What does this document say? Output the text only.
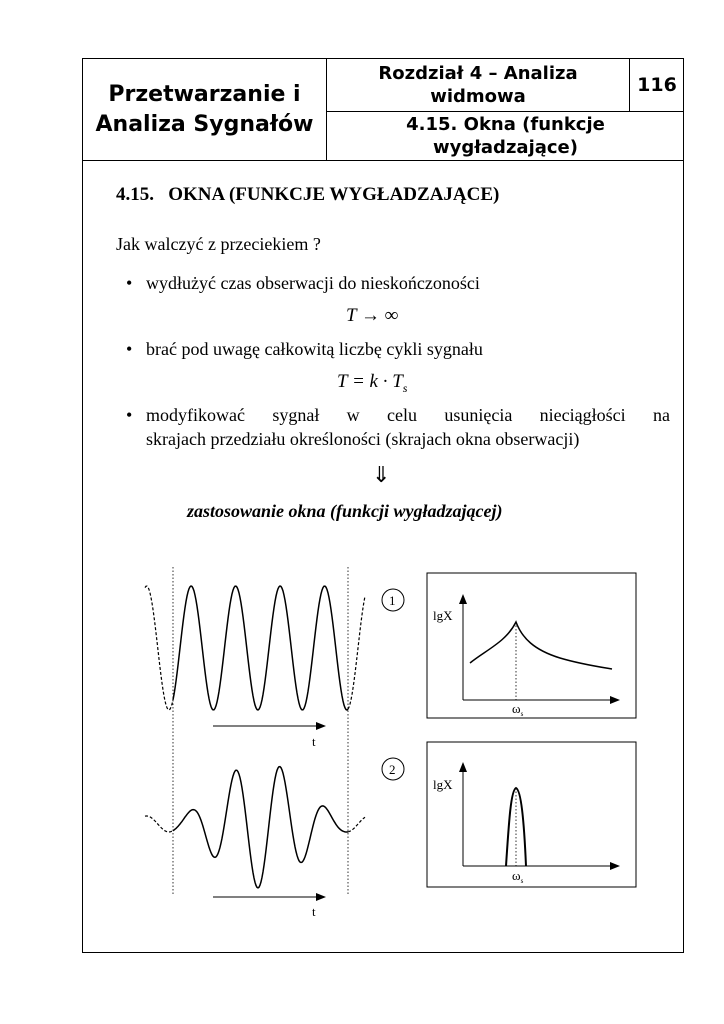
Przetwarzanie i
Analiza Sygnałów
Rozdział 4 – Analiza
widmowa
116
4.15. Okna (funkcje
wygładzające)
4.15.   OKNA (FUNKCJE WYGŁADZAJĄCE)
Jak walczyć z przeciekiem ?
• wydłużyć czas obserwacji do nieskończoności
T → ∞
• brać pod uwagę całkowitą liczbę cykli sygnału
$T = k \cdot T_s$
• modyfikować sygnał w celu usunięcia nieciągłości na
skrajach przedziału określoności (skrajach okna obserwacji)
⇓
zastosowanie okna (funkcji wygładzającej)
t
t
1
2
lgX
$\omega_s$
lgX
$\omega_s$
